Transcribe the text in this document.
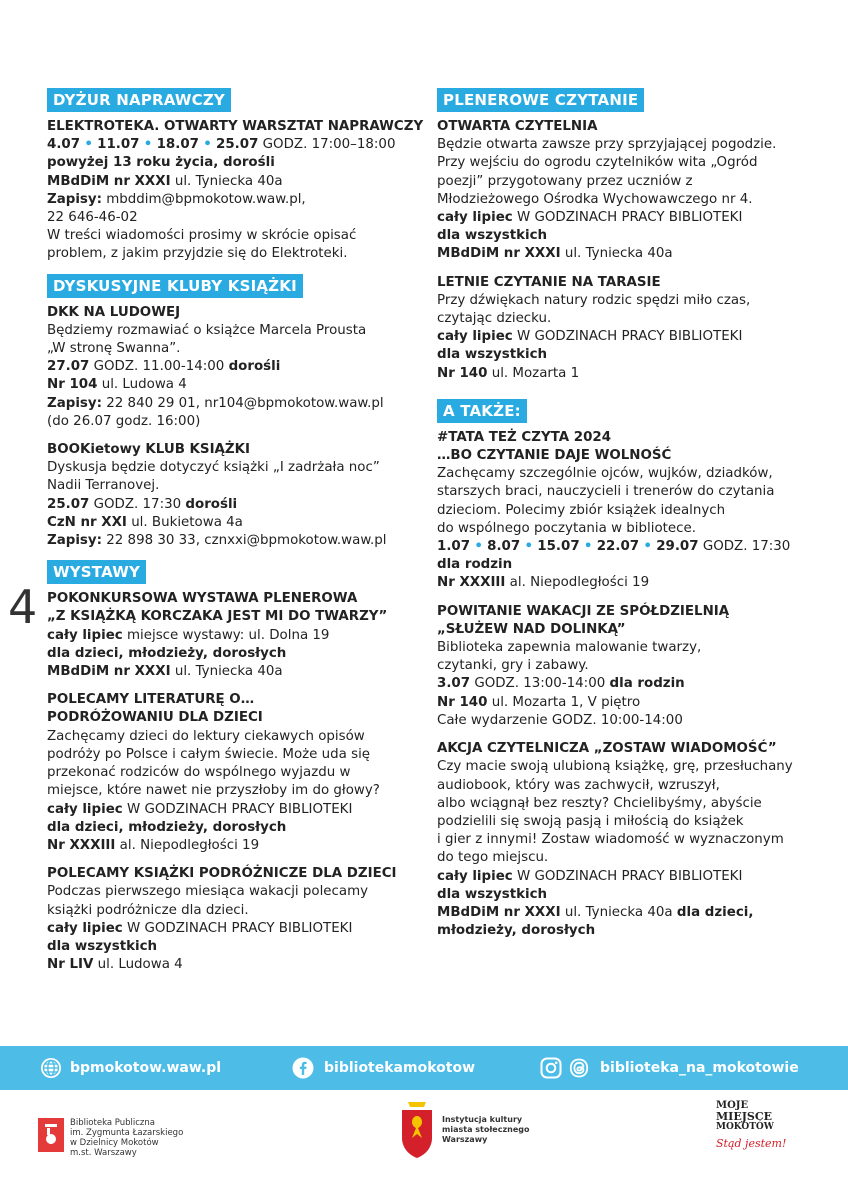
4
DYŻUR NAPRAWCZY
ELEKTROTEKA. OTWARTY WARSZTAT NAPRAWCZY
4.07 • 11.07 • 18.07 • 25.07 GODZ. 17:00–18:00
powyżej 13 roku życia, dorośli
MBdDiM nr XXXI ul. Tyniecka 40a
Zapisy: mbddim@bpmokotow.waw.pl,
22 646-46-02
W treści wiadomości prosimy w skrócie opisać
problem, z jakim przyjdzie się do Elektroteki.
DYSKUSYJNE KLUBY KSIĄŻKI
DKK NA LUDOWEJ
Będziemy rozmawiać o książce Marcela Prousta
„W stronę Swanna”.
27.07 GODZ. 11.00-14:00 dorośli
Nr 104 ul. Ludowa 4
Zapisy: 22 840 29 01, nr104@bpmokotow.waw.pl
(do 26.07 godz. 16:00)
BOOKietowy KLUB KSIĄŻKI
Dyskusja będzie dotyczyć książki „I zadrżała noc”
Nadii Terranovej.
25.07 GODZ. 17:30 dorośli
CzN nr XXI ul. Bukietowa 4a
Zapisy: 22 898 30 33, cznxxi@bpmokotow.waw.pl
WYSTAWY
POKONKURSOWA WYSTAWA PLENEROWA
„Z KSIĄŻKĄ KORCZAKA JEST MI DO TWARZY”
cały lipiec miejsce wystawy: ul. Dolna 19
dla dzieci, młodzieży, dorosłych
MBdDiM nr XXXI ul. Tyniecka 40a
POLECAMY LITERATURĘ O…
PODRÓŻOWANIU DLA DZIECI
Zachęcamy dzieci do lektury ciekawych opisów
podróży po Polsce i całym świecie. Może uda się
przekonać rodziców do wspólnego wyjazdu w
miejsce, które nawet nie przyszłoby im do głowy?
cały lipiec W GODZINACH PRACY BIBLIOTEKI
dla dzieci, młodzieży, dorosłych
Nr XXXIII al. Niepodległości 19
POLECAMY KSIĄŻKI PODRÓŻNICZE DLA DZIECI
Podczas pierwszego miesiąca wakacji polecamy
książki podróżnicze dla dzieci.
cały lipiec W GODZINACH PRACY BIBLIOTEKI
dla wszystkich
Nr LIV ul. Ludowa 4
PLENEROWE CZYTANIE
OTWARTA CZYTELNIA
Będzie otwarta zawsze przy sprzyjającej pogodzie.
Przy wejściu do ogrodu czytelników wita „Ogród
poezji” przygotowany przez uczniów z
Młodzieżowego Ośrodka Wychowawczego nr 4.
cały lipiec W GODZINACH PRACY BIBLIOTEKI
dla wszystkich
MBdDiM nr XXXI ul. Tyniecka 40a
LETNIE CZYTANIE NA TARASIE
Przy dźwiękach natury rodzic spędzi miło czas,
czytając dziecku.
cały lipiec W GODZINACH PRACY BIBLIOTEKI
dla wszystkich
Nr 140 ul. Mozarta 1
A TAKŻE:
#TATA TEŻ CZYTA 2024
…BO CZYTANIE DAJE WOLNOŚĆ
Zachęcamy szczególnie ojców, wujków, dziadków,
starszych braci, nauczycieli i trenerów do czytania
dzieciom. Polecimy zbiór książek idealnych
do wspólnego poczytania w bibliotece.
1.07 • 8.07 • 15.07 • 22.07 • 29.07 GODZ. 17:30
dla rodzin
Nr XXXIII al. Niepodległości 19
POWITANIE WAKACJI ZE SPÓŁDZIELNIĄ
„SŁUŻEW NAD DOLINKĄ”
Biblioteka zapewnia malowanie twarzy,
czytanki, gry i zabawy.
3.07 GODZ. 13:00-14:00 dla rodzin
Nr 140 ul. Mozarta 1, V piętro
Całe wydarzenie GODZ. 10:00-14:00
AKCJA CZYTELNICZA „ZOSTAW WIADOMOŚĆ”
Czy macie swoją ulubioną książkę, grę, przesłuchany
audiobook, który was zachwycił, wzruszył,
albo wciągnął bez reszty? Chcielibyśmy, abyście
podzielili się swoją pasją i miłością do książek
i gier z innymi! Zostaw wiadomość w wyznaczonym
do tego miejscu.
cały lipiec W GODZINACH PRACY BIBLIOTEKI
dla wszystkich
MBdDiM nr XXXI ul. Tyniecka 40a dla dzieci,
młodzieży, dorosłych
bpmokotow.waw.pl	bibliotekamokotow	biblioteka_na_mokotowie
Biblioteka Publiczna
im. Zygmunta Łazarskiego
w Dzielnicy Mokotów
m.st. Warszawy
Instytucja kultury
miasta stołecznego
Warszawy
MOJE
MIEJSCE
MOKOTÓW
Stąd jestem!
